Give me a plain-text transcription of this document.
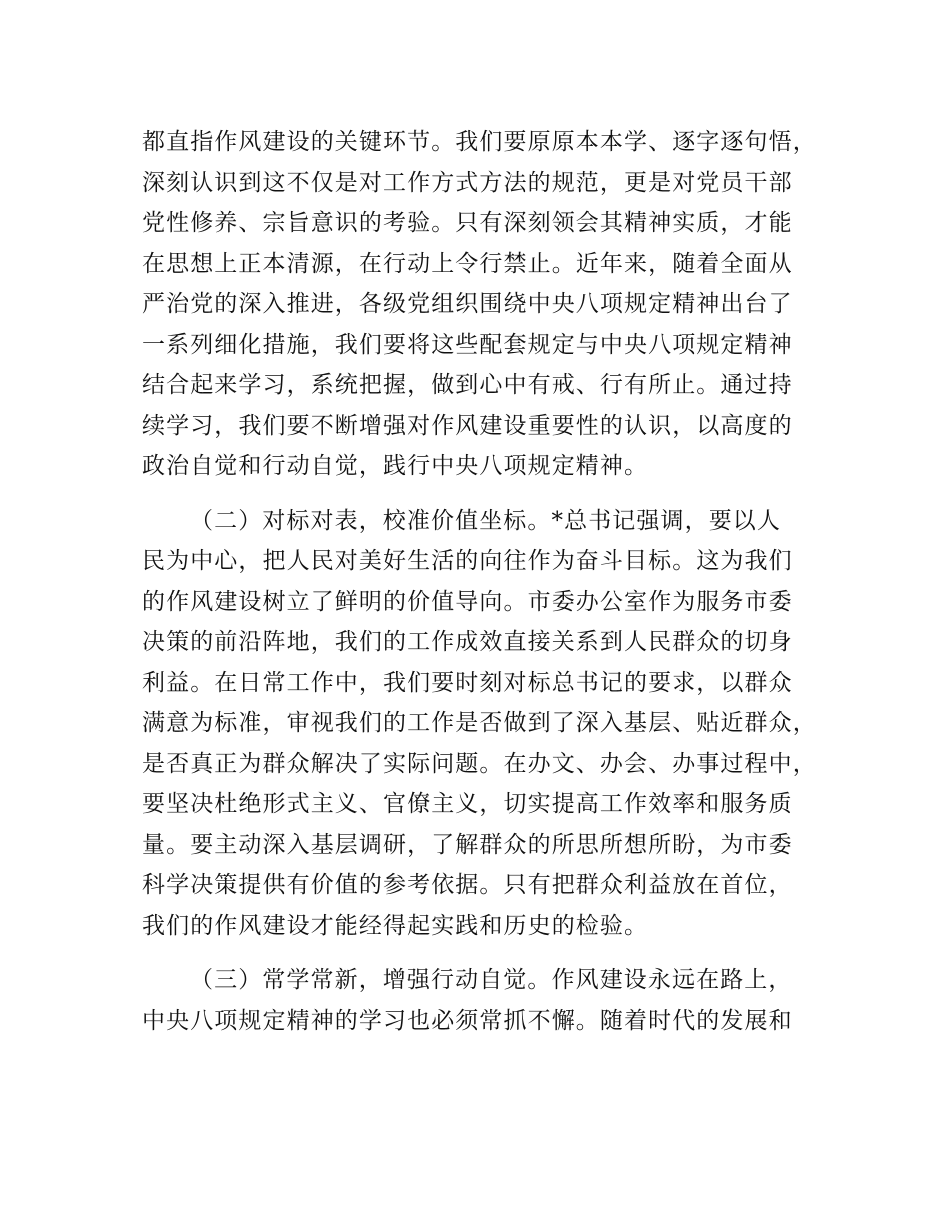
都直指作风建设的关键环节。我们要原原本本学、逐字逐句悟，
深刻认识到这不仅是对工作方式方法的规范，更是对党员干部
党性修养、宗旨意识的考验。只有深刻领会其精神实质，才能
在思想上正本清源，在行动上令行禁止。近年来，随着全面从
严治党的深入推进，各级党组织围绕中央八项规定精神出台了
一系列细化措施，我们要将这些配套规定与中央八项规定精神
结合起来学习，系统把握，做到心中有戒、行有所止。通过持
续学习，我们要不断增强对作风建设重要性的认识，以高度的
政治自觉和行动自觉，践行中央八项规定精神。
（二）对标对表，校准价值坐标。*总书记强调，要以人
民为中心，把人民对美好生活的向往作为奋斗目标。这为我们
的作风建设树立了鲜明的价值导向。市委办公室作为服务市委
决策的前沿阵地，我们的工作成效直接关系到人民群众的切身
利益。在日常工作中，我们要时刻对标总书记的要求，以群众
满意为标准，审视我们的工作是否做到了深入基层、贴近群众，
是否真正为群众解决了实际问题。在办文、办会、办事过程中，
要坚决杜绝形式主义、官僚主义，切实提高工作效率和服务质
量。要主动深入基层调研，了解群众的所思所想所盼，为市委
科学决策提供有价值的参考依据。只有把群众利益放在首位，
我们的作风建设才能经得起实践和历史的检验。
（三）常学常新，增强行动自觉。作风建设永远在路上，
中央八项规定精神的学习也必须常抓不懈。随着时代的发展和
